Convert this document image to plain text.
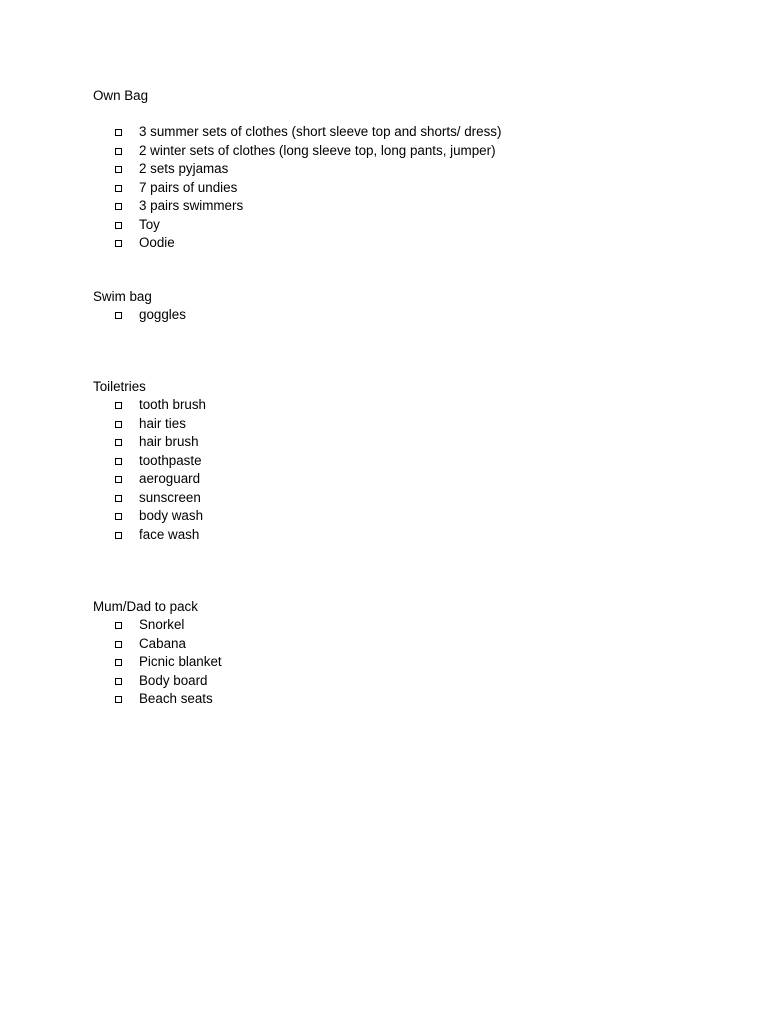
Own Bag
3 summer sets of clothes (short sleeve top and shorts/ dress)
2 winter sets of clothes (long sleeve top, long pants, jumper)
2 sets pyjamas
7 pairs of undies
3 pairs swimmers
Toy
Oodie
Swim bag
goggles
Toiletries
tooth brush
hair ties
hair brush
toothpaste
aeroguard
sunscreen
body wash
face wash
Mum/Dad to pack
Snorkel
Cabana
Picnic blanket
Body board
Beach seats
